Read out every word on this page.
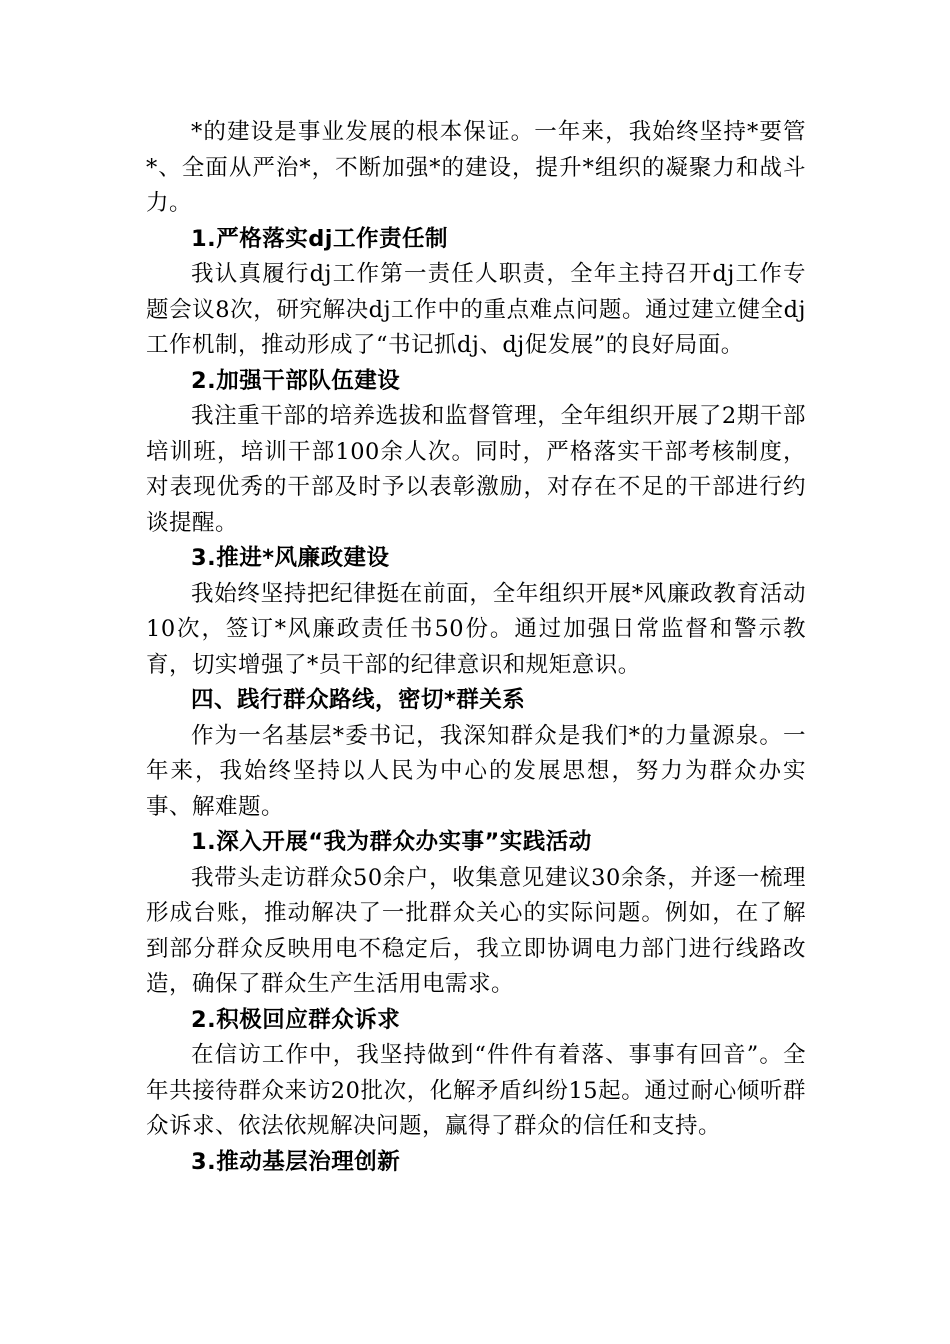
*的建设是事业发展的根本保证。一年来，我始终坚持*要管*、全面从严治*，不断加强*的建设，提升*组织的凝聚力和战斗力。

1.严格落实dj工作责任制

我认真履行dj工作第一责任人职责，全年主持召开dj工作专题会议8次，研究解决dj工作中的重点难点问题。通过建立健全dj工作机制，推动形成了“书记抓dj、dj促发展”的良好局面。

2.加强干部队伍建设

我注重干部的培养选拔和监督管理，全年组织开展了2期干部培训班，培训干部100余人次。同时，严格落实干部考核制度，对表现优秀的干部及时予以表彰激励，对存在不足的干部进行约谈提醒。

3.推进*风廉政建设

我始终坚持把纪律挺在前面，全年组织开展*风廉政教育活动10次，签订*风廉政责任书50份。通过加强日常监督和警示教育，切实增强了*员干部的纪律意识和规矩意识。

四、践行群众路线，密切*群关系

作为一名基层*委书记，我深知群众是我们*的力量源泉。一年来，我始终坚持以人民为中心的发展思想，努力为群众办实事、解难题。

1.深入开展“我为群众办实事”实践活动

我带头走访群众50余户，收集意见建议30余条，并逐一梳理形成台账，推动解决了一批群众关心的实际问题。例如，在了解到部分群众反映用电不稳定后，我立即协调电力部门进行线路改造，确保了群众生产生活用电需求。

2.积极回应群众诉求

在信访工作中，我坚持做到“件件有着落、事事有回音”。全年共接待群众来访20批次，化解矛盾纠纷15起。通过耐心倾听群众诉求、依法依规解决问题，赢得了群众的信任和支持。

3.推动基层治理创新
